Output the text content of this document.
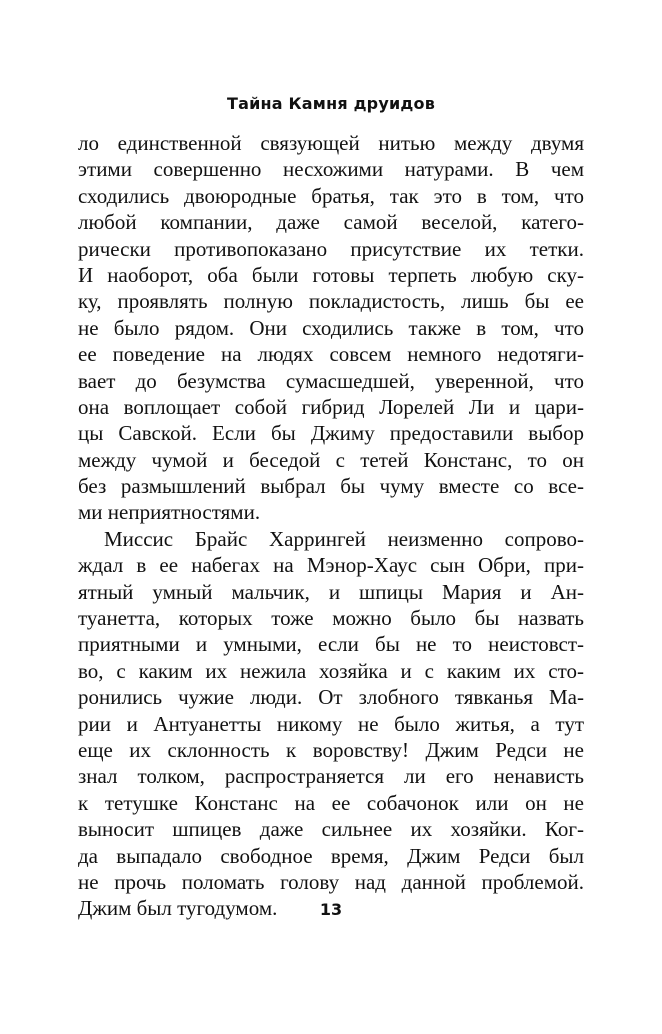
Тайна Камня друидов
ло единственной связующей нитью между двумя
этими совершенно несхожими натурами. В чем
сходились двоюродные братья, так это в том, что
любой компании, даже самой веселой, катего-
рически противопоказано присутствие их тетки.
И наоборот, оба были готовы терпеть любую ску-
ку, проявлять полную покладистость, лишь бы ее
не было рядом. Они сходились также в том, что
ее поведение на людях совсем немного недотяги-
вает до безумства сумасшедшей, уверенной, что
она воплощает собой гибрид Лорелей Ли и цари-
цы Савской. Если бы Джиму предоставили выбор
между чумой и беседой с тетей Констанс, то он
без размышлений выбрал бы чуму вместе со все-
ми неприятностями.
Миссис Брайс Харрингей неизменно сопрово-
ждал в ее набегах на Мэнор-Хаус сын Обри, при-
ятный умный мальчик, и шпицы Мария и Ан-
туанетта, которых тоже можно было бы назвать
приятными и умными, если бы не то неистовст-
во, с каким их нежила хозяйка и с каким их сто-
ронились чужие люди. От злобного тявканья Ма-
рии и Антуанетты никому не было житья, а тут
еще их склонность к воровству! Джим Редси не
знал толком, распространяется ли его ненависть
к тетушке Констанс на ее собачонок или он не
выносит шпицев даже сильнее их хозяйки. Ког-
да выпадало свободное время, Джим Редси был
не прочь поломать голову над данной проблемой.
Джим был тугодумом.	13
